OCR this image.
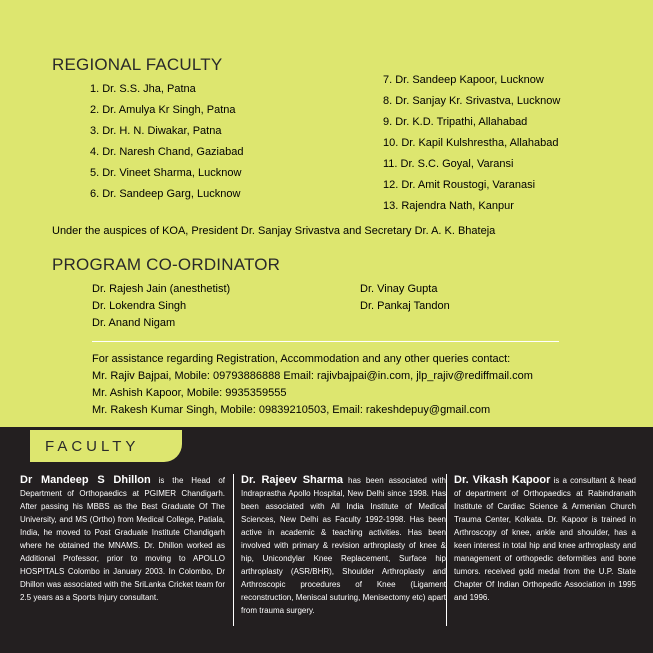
REGIONAL FACULTY
1. Dr. S.S. Jha, Patna
2. Dr. Amulya Kr Singh, Patna
3. Dr. H. N. Diwakar, Patna
4. Dr. Naresh Chand, Gaziabad
5. Dr. Vineet Sharma, Lucknow
6. Dr. Sandeep Garg, Lucknow
7. Dr. Sandeep Kapoor, Lucknow
8. Dr. Sanjay Kr. Srivastva, Lucknow
9. Dr. K.D. Tripathi, Allahabad
10. Dr. Kapil Kulshrestha, Allahabad
11. Dr. S.C. Goyal, Varansi
12. Dr. Amit Roustogi, Varanasi
13. Rajendra Nath, Kanpur
Under the auspices of KOA, President Dr. Sanjay Srivastva and Secretary Dr. A. K. Bhateja
PROGRAM CO-ORDINATOR
Dr. Rajesh Jain (anesthetist)
Dr. Lokendra Singh
Dr. Anand Nigam
Dr. Vinay Gupta
Dr. Pankaj Tandon
For assistance regarding Registration, Accommodation and any other queries contact:
Mr. Rajiv Bajpai, Mobile: 09793886888 Email: rajivbajpai@in.com, jlp_rajiv@rediffmail.com
Mr. Ashish Kapoor, Mobile: 9935359555
Mr. Rakesh Kumar Singh, Mobile: 09839210503, Email: rakeshdepuy@gmail.com
FACULTY
Dr Mandeep S Dhillon is the Head of Department of Orthopaedics at PGIMER Chandigarh. After passing his MBBS as the Best Graduate Of The University, and MS (Ortho) from Medical College, Patiala, India, he moved to Post Graduate Institute Chandigarh where he obtained the MNAMS. Dr. Dhillon worked as Additional Professor, prior to moving to APOLLO HOSPITALS Colombo in January 2003. In Colombo, Dr Dhillon was associated with the SriLanka Cricket team for 2.5 years as a Sports Injury consultant.
Dr. Rajeev Sharma has been associated with Indraprastha Apollo Hospital, New Delhi since 1998. Has been associated with All India Institute of Medical Sciences, New Delhi as Faculty 1992-1998. Has been active in academic & teaching activities. Has been involved with primary & revision arthroplasty of knee & hip, Unicondylar Knee Replacement, Surface hip arthroplasty (ASR/BHR), Shoulder Arthroplasty and Arthroscopic procedures of Knee (Ligament reconstruction, Meniscal suturing, Menisectomy etc) apart from trauma surgery.
Dr. Vikash Kapoor is a consultant & head of department of Orthopaedics at Rabindranath Institute of Cardiac Science & Armenian Church Trauma Center, Kolkata. Dr. Kapoor is trained in Arthroscopy of knee, ankle and shoulder, has a keen interest in total hip and knee arthroplasty and management of orthopedic deformities and bone tumors. received gold medal from the U.P. State Chapter Of Indian Orthopedic Association in 1995 and 1996.
